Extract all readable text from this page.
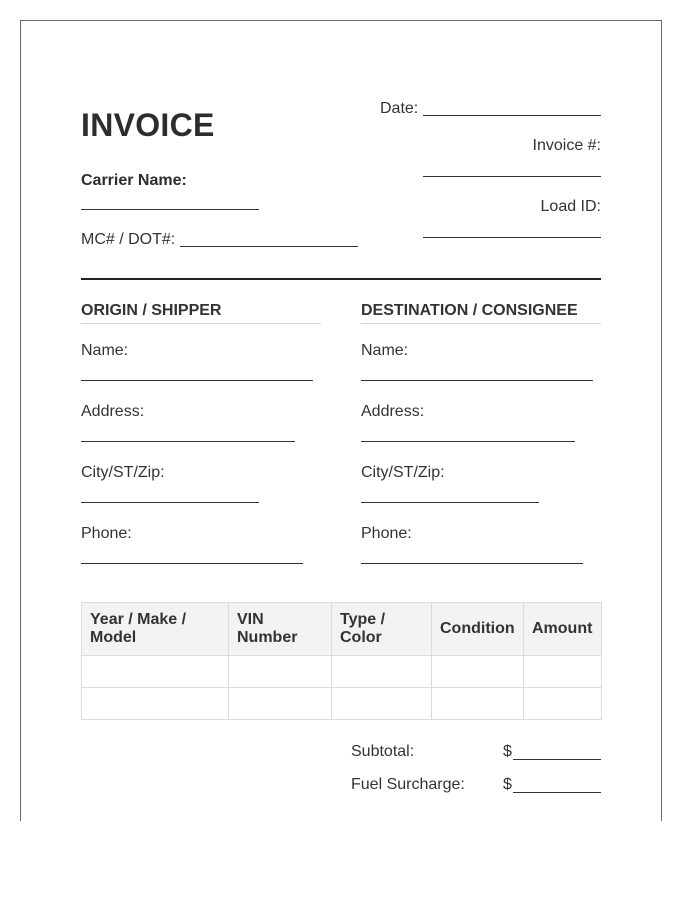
INVOICE
Carrier Name:
MC# / DOT#:
Date:
Invoice #:
Load ID:
ORIGIN / SHIPPER
Name:
Address:
City/ST/Zip:
Phone:
DESTINATION / CONSIGNEE
Name:
Address:
City/ST/Zip:
Phone:
Year / Make / Model	VIN Number	Type / Color	Condition	Amount

Subtotal:	$
Fuel Surcharge: $
